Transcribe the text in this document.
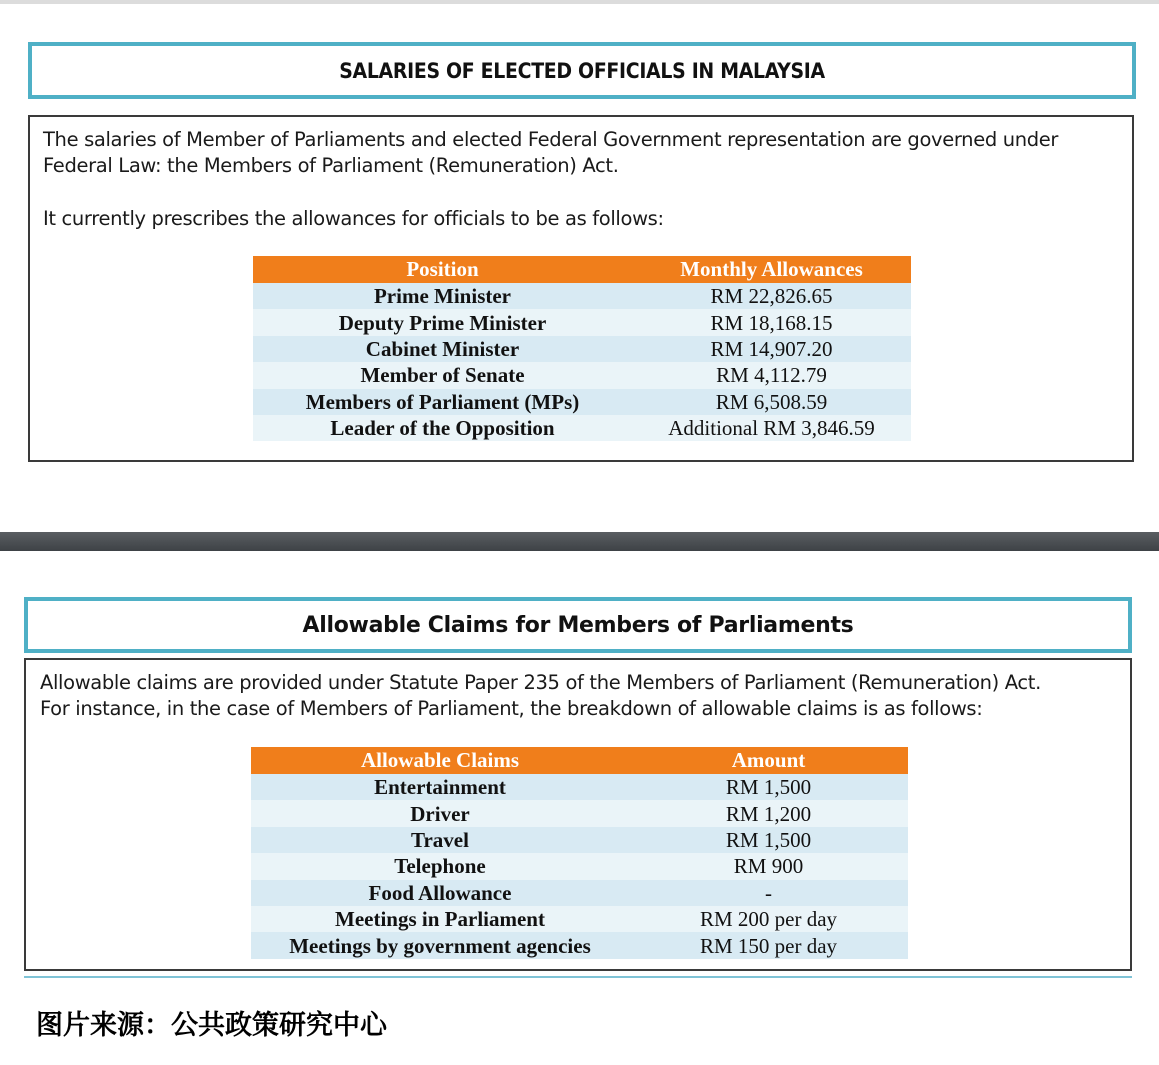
SALARIES OF ELECTED OFFICIALS IN MALAYSIA

The salaries of Member of Parliaments and elected Federal Government representation are governed under
Federal Law: the Members of Parliament (Remuneration) Act.

It currently prescribes the allowances for officials to be as follows:

Position	Monthly Allowances
Prime Minister	RM 22,826.65
Deputy Prime Minister	RM 18,168.15
Cabinet Minister	RM 14,907.20
Member of Senate	RM 4,112.79
Members of Parliament (MPs)	RM 6,508.59
Leader of the Opposition	Additional RM 3,846.59
Allowable Claims for Members of Parliaments

Allowable claims are provided under Statute Paper 235 of the Members of Parliament (Remuneration) Act.
For instance, in the case of Members of Parliament, the breakdown of allowable claims is as follows:

Allowable Claims	Amount
Entertainment	RM 1,500
Driver	RM 1,200
Travel	RM 1,500
Telephone	RM 900
Food Allowance	-
Meetings in Parliament	RM 200 per day
Meetings by government agencies	RM 150 per day

图片来源：公共政策研究中心
